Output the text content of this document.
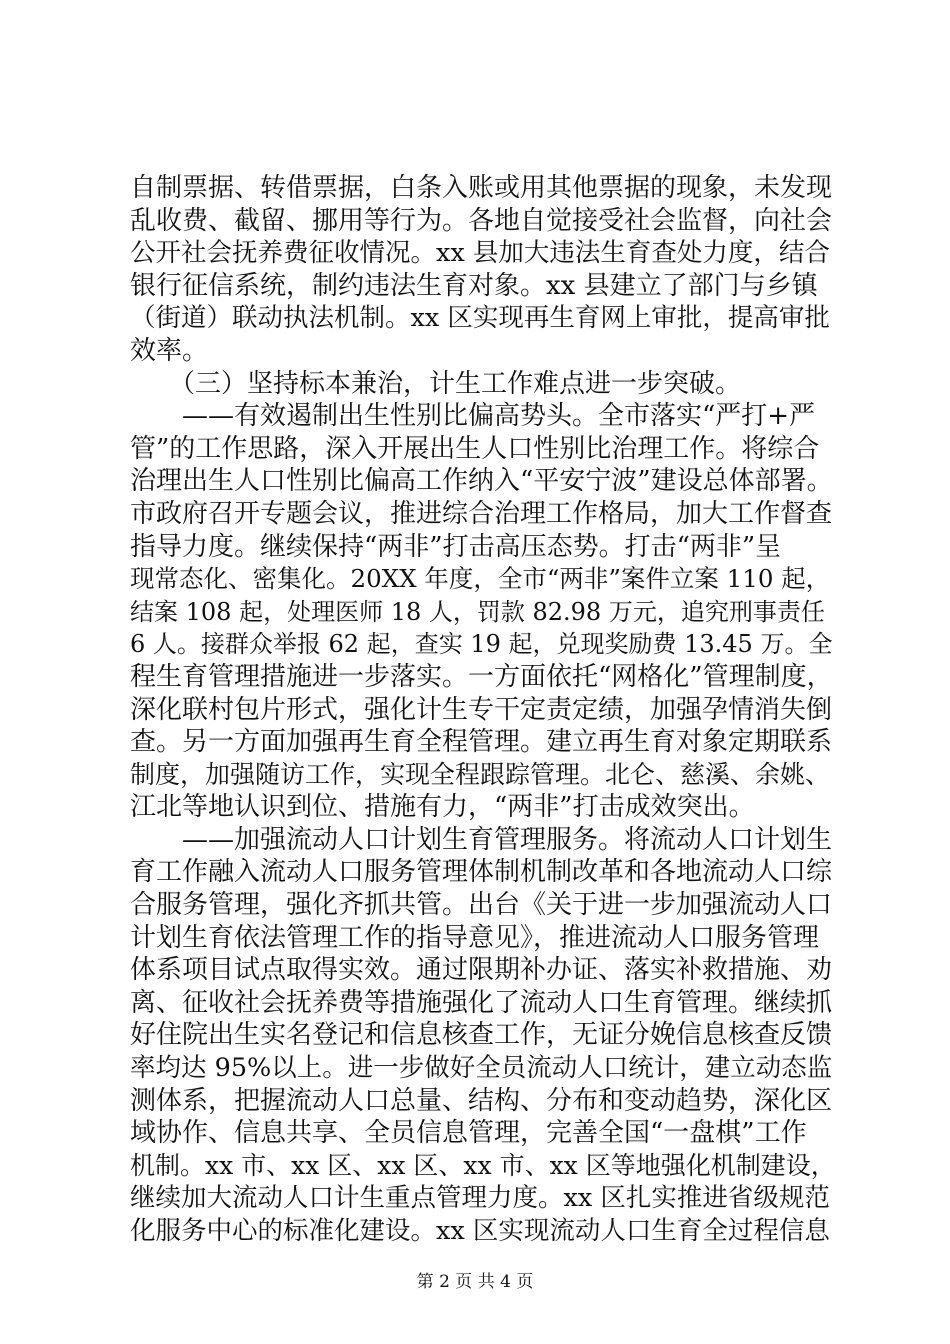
自制票据、转借票据，白条入账或用其他票据的现象，未发现
乱收费、截留、挪用等行为。各地自觉接受社会监督，向社会
公开社会抚养费征收情况。xx 县加大违法生育查处力度，结合
银行征信系统，制约违法生育对象。xx 县建立了部门与乡镇
（街道）联动执法机制。xx 区实现再生育网上审批，提高审批
效率。
　　（三）坚持标本兼治，计生工作难点进一步突破。
　　——有效遏制出生性别比偏高势头。全市落实“严打+严
管”的工作思路，深入开展出生人口性别比治理工作。将综合
治理出生人口性别比偏高工作纳入“平安宁波”建设总体部署。
市政府召开专题会议，推进综合治理工作格局，加大工作督查
指导力度。继续保持“两非”打击高压态势。打击“两非”呈
现常态化、密集化。20XX 年度，全市“两非”案件立案 110 起，
结案 108 起，处理医师 18 人，罚款 82.98 万元，追究刑事责任
6 人。接群众举报 62 起，查实 19 起，兑现奖励费 13.45 万。全
程生育管理措施进一步落实。一方面依托“网格化”管理制度，
深化联村包片形式，强化计生专干定责定绩，加强孕情消失倒
查。另一方面加强再生育全程管理。建立再生育对象定期联系
制度，加强随访工作，实现全程跟踪管理。北仑、慈溪、余姚、
江北等地认识到位、措施有力，“两非”打击成效突出。
　　——加强流动人口计划生育管理服务。将流动人口计划生
育工作融入流动人口服务管理体制机制改革和各地流动人口综
合服务管理，强化齐抓共管。出台《关于进一步加强流动人口
计划生育依法管理工作的指导意见》，推进流动人口服务管理
体系项目试点取得实效。通过限期补办证、落实补救措施、劝
离、征收社会抚养费等措施强化了流动人口生育管理。继续抓
好住院出生实名登记和信息核查工作，无证分娩信息核查反馈
率均达 95%以上。进一步做好全员流动人口统计，建立动态监
测体系，把握流动人口总量、结构、分布和变动趋势，深化区
域协作、信息共享、全员信息管理，完善全国“一盘棋”工作
机制。xx 市、xx 区、xx 区、xx 市、xx 区等地强化机制建设，
继续加大流动人口计生重点管理力度。xx 区扎实推进省级规范
化服务中心的标准化建设。xx 区实现流动人口生育全过程信息
第 2 页 共 4 页
